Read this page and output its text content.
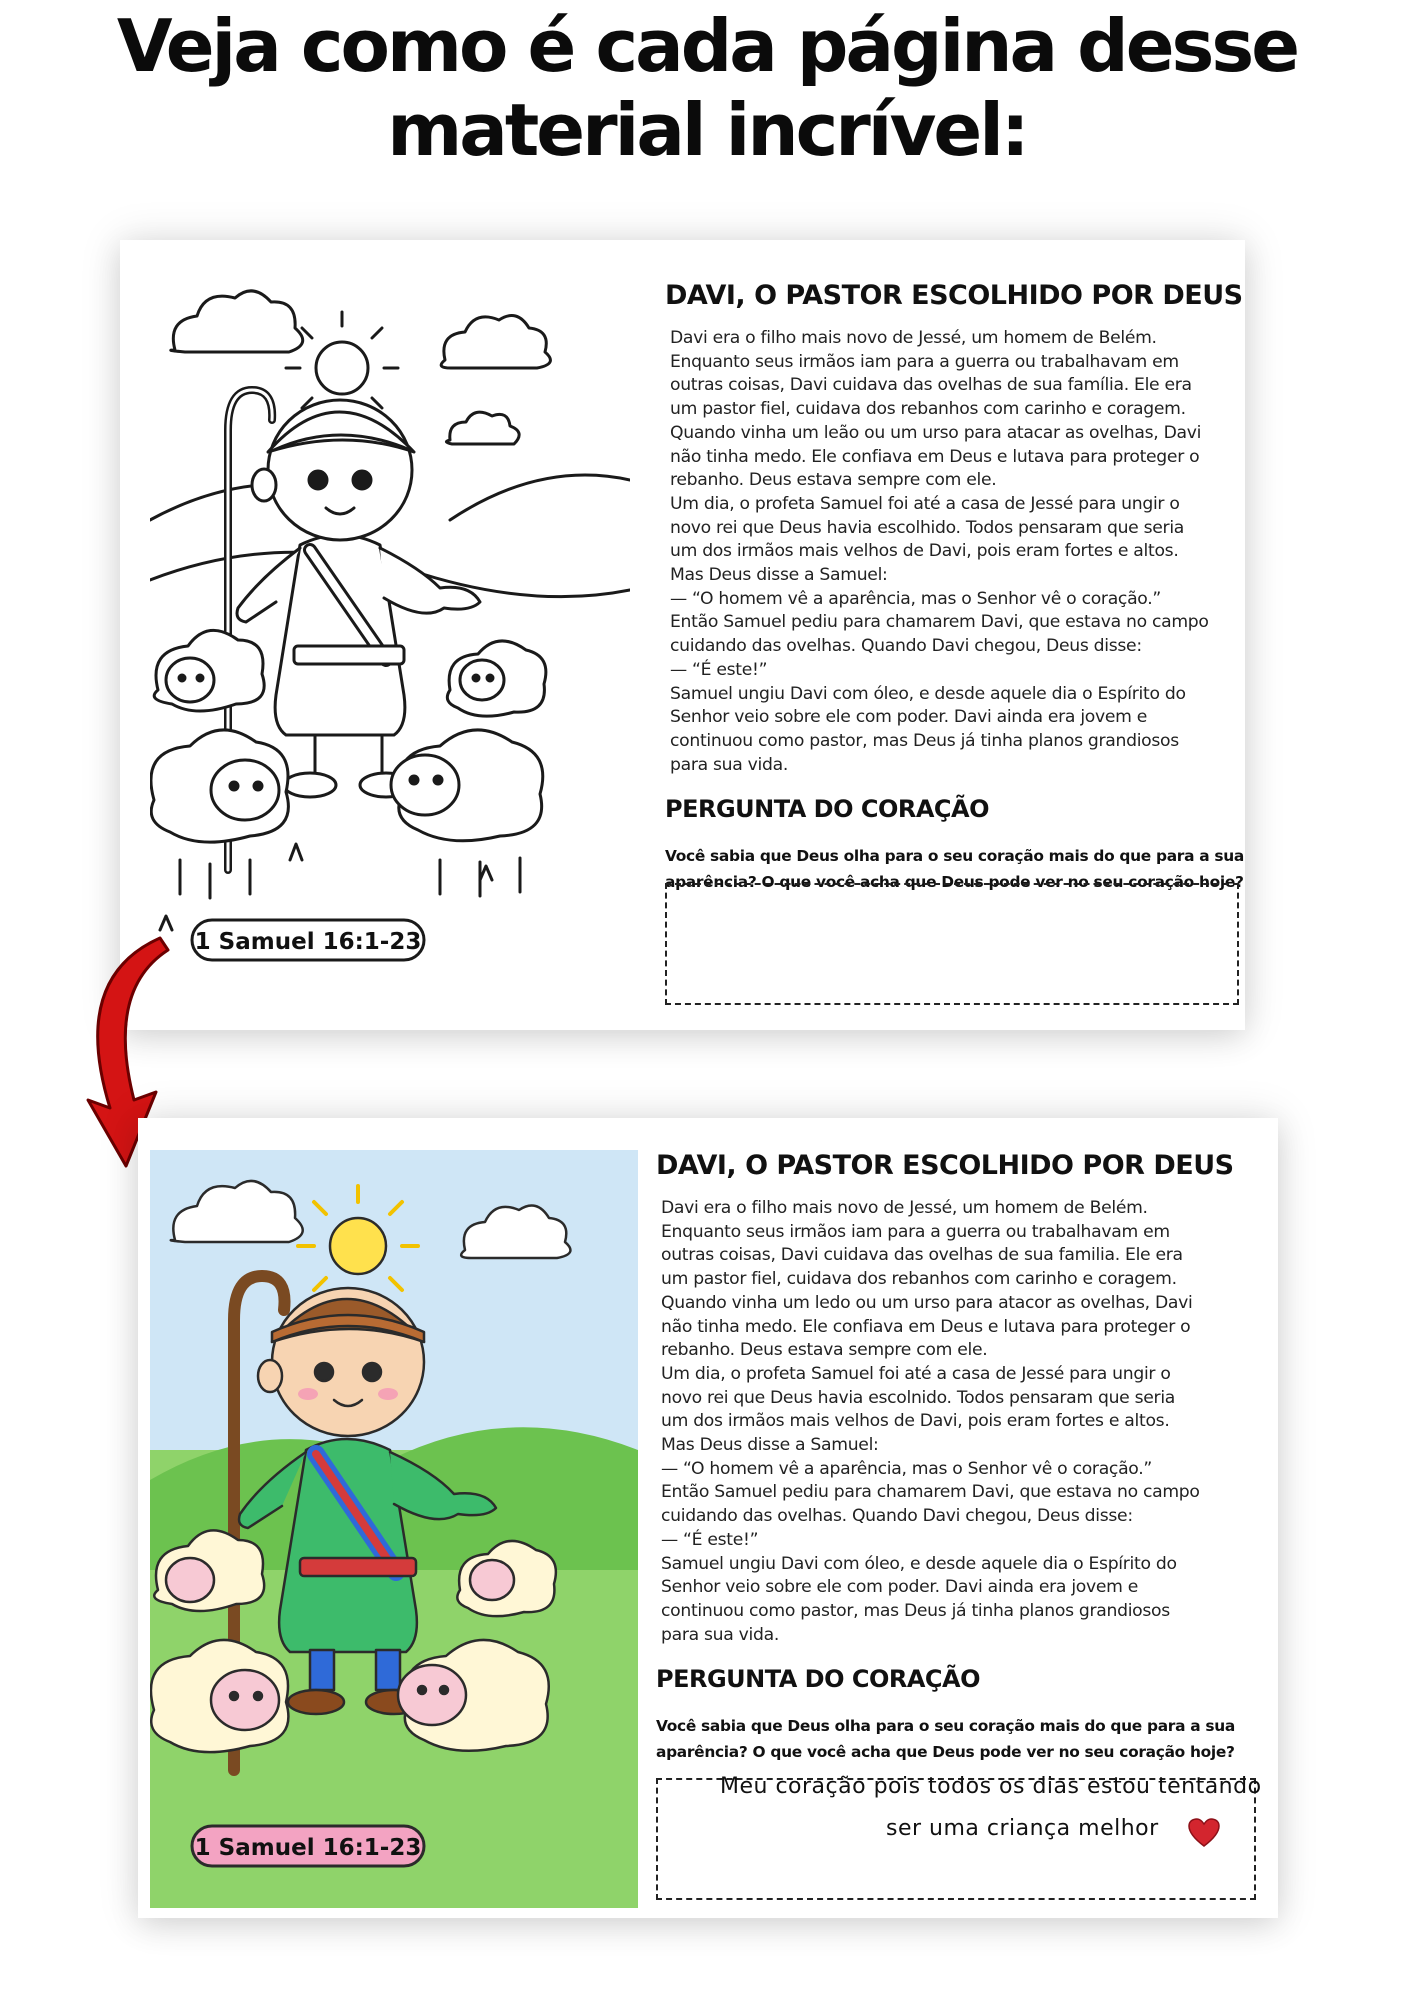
Veja como é cada página desse
material incrível:
1 Samuel 16:1-23
DAVI, O PASTOR ESCOLHIDO POR DEUS
Davi era o filho mais novo de Jessé, um homem de Belém.
Enquanto seus irmãos iam para a guerra ou trabalhavam em
outras coisas, Davi cuidava das ovelhas de sua família. Ele era
um pastor fiel, cuidava dos rebanhos com carinho e coragem.
Quando vinha um leão ou um urso para atacar as ovelhas, Davi
não tinha medo. Ele confiava em Deus e lutava para proteger o
rebanho. Deus estava sempre com ele.
Um dia, o profeta Samuel foi até a casa de Jessé para ungir o
novo rei que Deus havia escolhido. Todos pensaram que seria
um dos irmãos mais velhos de Davi, pois eram fortes e altos.
Mas Deus disse a Samuel:
— “O homem vê a aparência, mas o Senhor vê o coração.”
Então Samuel pediu para chamarem Davi, que estava no campo
cuidando das ovelhas. Quando Davi chegou, Deus disse:
— “É este!”
Samuel ungiu Davi com óleo, e desde aquele dia o Espírito do
Senhor veio sobre ele com poder. Davi ainda era jovem e
continuou como pastor, mas Deus já tinha planos grandiosos
para sua vida.
PERGUNTA DO CORAÇÃO
Você sabia que Deus olha para o seu coração mais do que para a sua
aparência? O que você acha que Deus pode ver no seu coração hoje?
1 Samuel 16:1-23
DAVI, O PASTOR ESCOLHIDO POR DEUS
Davi era o filho mais novo de Jessé, um homem de Belém.
Enquanto seus irmãos iam para a guerra ou trabalhavam em
outras coisas, Davi cuidava das ovelhas de sua familia. Ele era
um pastor fiel, cuidava dos rebanhos com carinho e coragem.
Quando vinha um ledo ou um urso para atacor as ovelhas, Davi
não tinha medo. Ele confiava em Deus e lutava para proteger o
rebanho. Deus estava sempre com ele.
Um dia, o profeta Samuel foi até a casa de Jessé para ungir o
novo rei que Deus havia escolnido. Todos pensaram que seria
um dos irmãos mais velhos de Davi, pois eram fortes e altos.
Mas Deus disse a Samuel:
— “O homem vê a aparência, mas o Senhor vê o coração.”
Então Samuel pediu para chamarem Davi, que estava no campo
cuidando das ovelhas. Quando Davi chegou, Deus disse:
— “É este!”
Samuel ungiu Davi com óleo, e desde aquele dia o Espírito do
Senhor veio sobre ele com poder. Davi ainda era jovem e
continuou como pastor, mas Deus já tinha planos grandiosos
para sua vida.
PERGUNTA DO CORAÇÃO
Você sabia que Deus olha para o seu coração mais do que para a sua
aparência? O que você acha que Deus pode ver no seu coração hoje?
Meu coração pois todos os dias estou tentando
ser uma criança melhor
